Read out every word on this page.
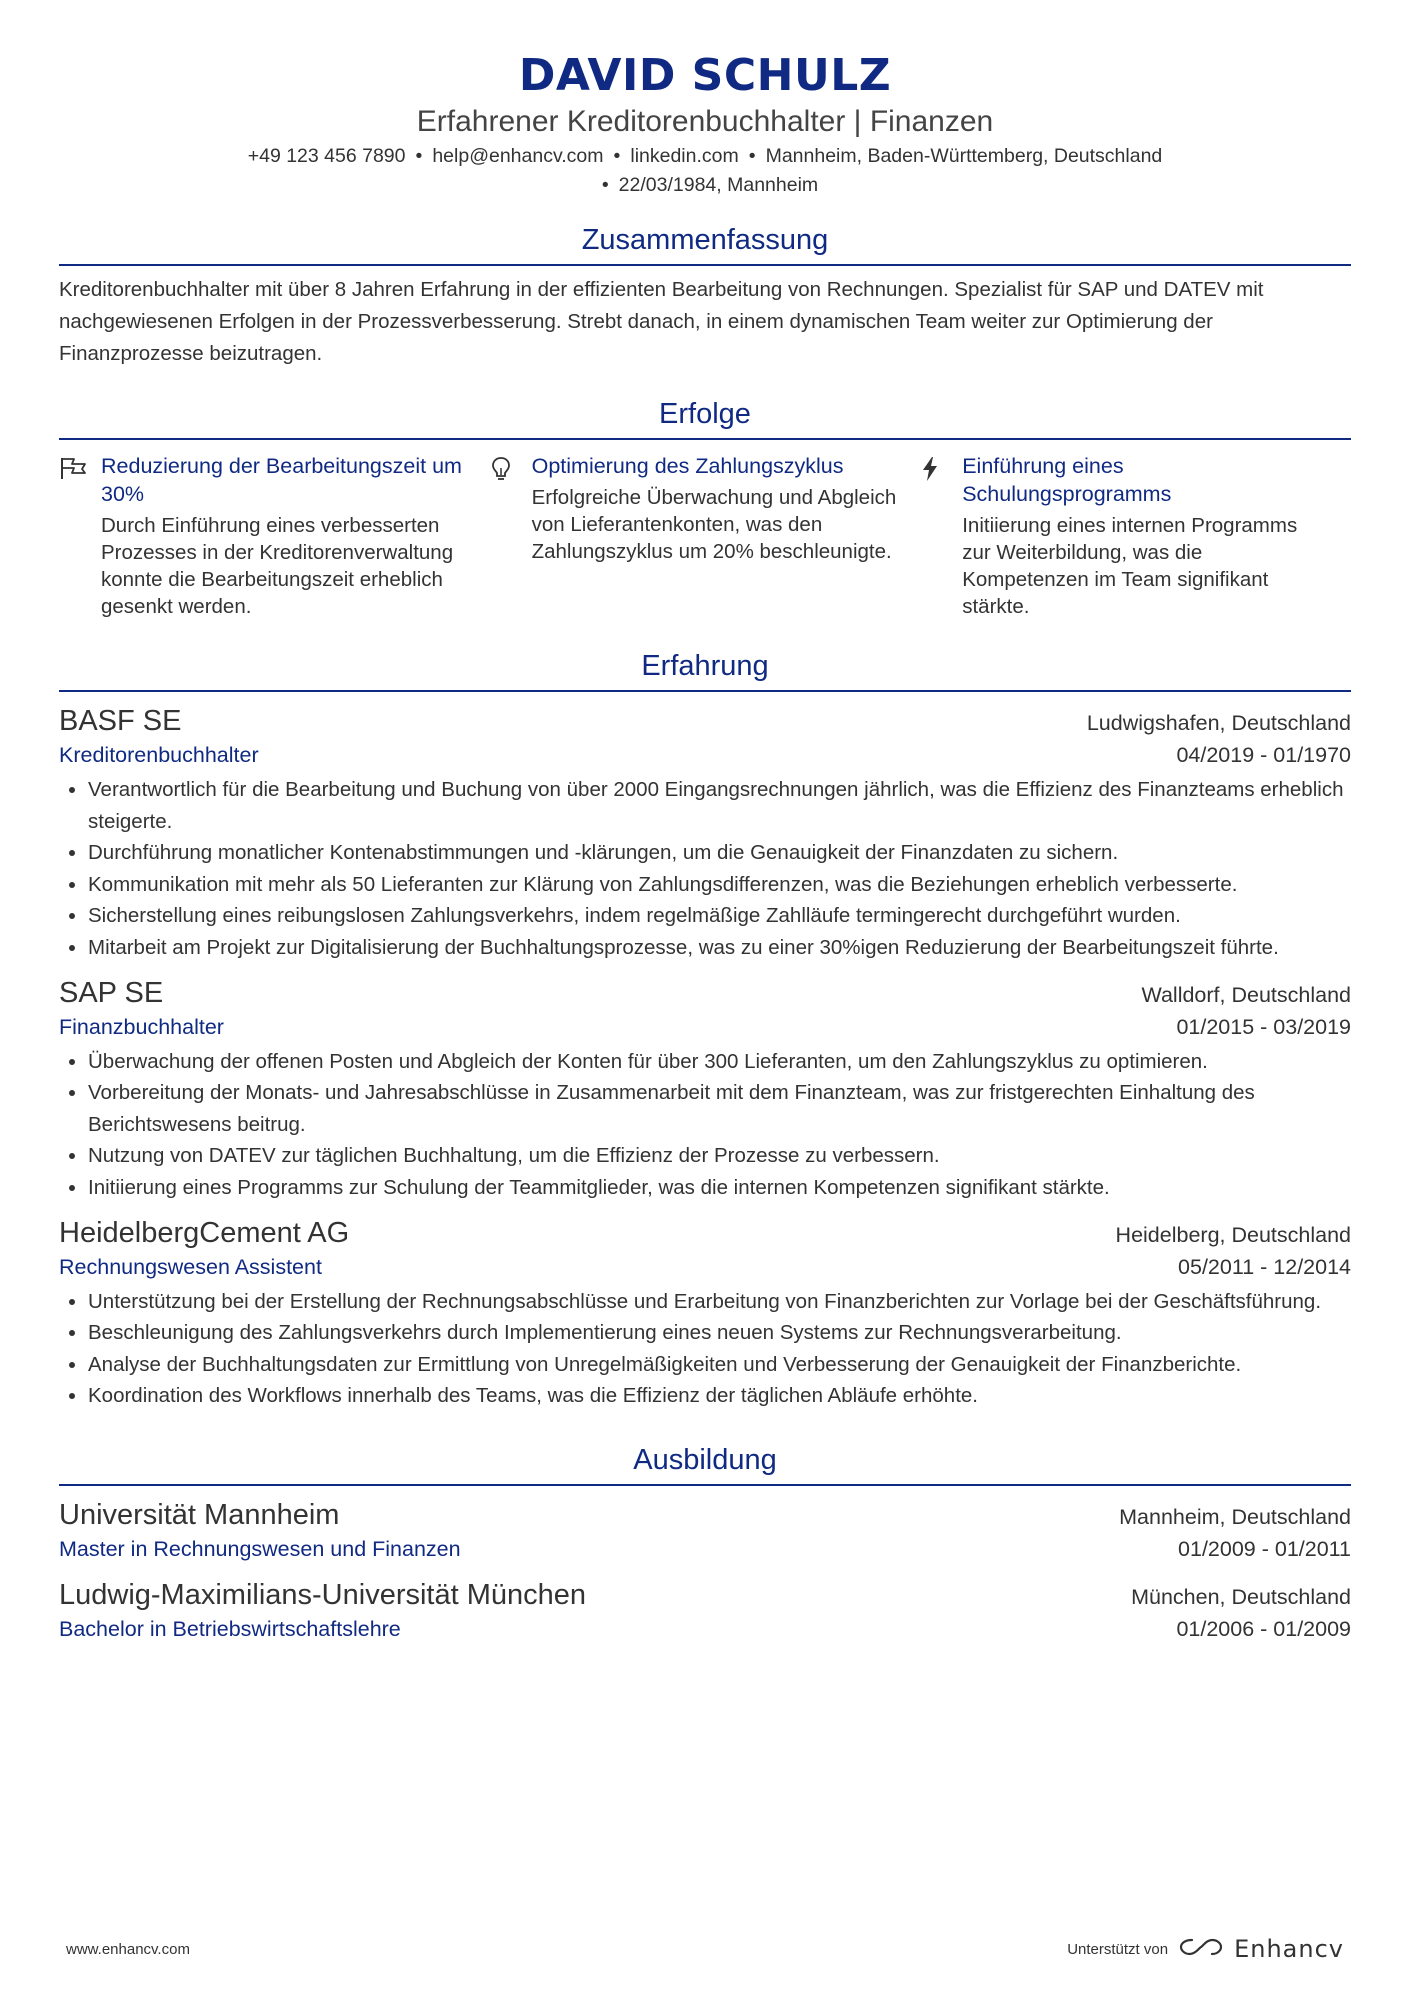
DAVID SCHULZ
Erfahrener Kreditorenbuchhalter | Finanzen
+49 123 456 7890 • help@enhancv.com • linkedin.com • Mannheim, Baden-Württemberg, Deutschland
• 22/03/1984, Mannheim
Zusammenfassung
Kreditorenbuchhalter mit über 8 Jahren Erfahrung in der effizienten Bearbeitung von Rechnungen. Spezialist für SAP und DATEV mit nachgewiesenen Erfolgen in der Prozessverbesserung. Strebt danach, in einem dynamischen Team weiter zur Optimierung der Finanzprozesse beizutragen.
Erfolge
Reduzierung der Bearbeitungszeit um 30%
Durch Einführung eines verbesserten Prozesses in der Kreditorenverwaltung konnte die Bearbeitungszeit erheblich gesenkt werden.
Optimierung des Zahlungszyklus
Erfolgreiche Überwachung und Abgleich von Lieferantenkonten, was den Zahlungszyklus um 20% beschleunigte.
Einführung eines Schulungsprogramms
Initiierung eines internen Programms zur Weiterbildung, was die Kompetenzen im Team signifikant stärkte.
Erfahrung
BASF SE	Ludwigshafen, Deutschland
Kreditorenbuchhalter	04/2019 - 01/1970
• Verantwortlich für die Bearbeitung und Buchung von über 2000 Eingangsrechnungen jährlich, was die Effizienz des Finanzteams erheblich steigerte.
• Durchführung monatlicher Kontenabstimmungen und -klärungen, um die Genauigkeit der Finanzdaten zu sichern.
• Kommunikation mit mehr als 50 Lieferanten zur Klärung von Zahlungsdifferenzen, was die Beziehungen erheblich verbesserte.
• Sicherstellung eines reibungslosen Zahlungsverkehrs, indem regelmäßige Zahlläufe termingerecht durchgeführt wurden.
• Mitarbeit am Projekt zur Digitalisierung der Buchhaltungsprozesse, was zu einer 30%igen Reduzierung der Bearbeitungszeit führte.
SAP SE	Walldorf, Deutschland
Finanzbuchhalter	01/2015 - 03/2019
• Überwachung der offenen Posten und Abgleich der Konten für über 300 Lieferanten, um den Zahlungszyklus zu optimieren.
• Vorbereitung der Monats- und Jahresabschlüsse in Zusammenarbeit mit dem Finanzteam, was zur fristgerechten Einhaltung des Berichtswesens beitrug.
• Nutzung von DATEV zur täglichen Buchhaltung, um die Effizienz der Prozesse zu verbessern.
• Initiierung eines Programms zur Schulung der Teammitglieder, was die internen Kompetenzen signifikant stärkte.
HeidelbergCement AG	Heidelberg, Deutschland
Rechnungswesen Assistent	05/2011 - 12/2014
• Unterstützung bei der Erstellung der Rechnungsabschlüsse und Erarbeitung von Finanzberichten zur Vorlage bei der Geschäftsführung.
• Beschleunigung des Zahlungsverkehrs durch Implementierung eines neuen Systems zur Rechnungsverarbeitung.
• Analyse der Buchhaltungsdaten zur Ermittlung von Unregelmäßigkeiten und Verbesserung der Genauigkeit der Finanzberichte.
• Koordination des Workflows innerhalb des Teams, was die Effizienz der täglichen Abläufe erhöhte.
Ausbildung
Universität Mannheim	Mannheim, Deutschland
Master in Rechnungswesen und Finanzen	01/2009 - 01/2011
Ludwig-Maximilians-Universität München	München, Deutschland
Bachelor in Betriebswirtschaftslehre	01/2006 - 01/2009
www.enhancv.com	Unterstützt von	Enhancv
